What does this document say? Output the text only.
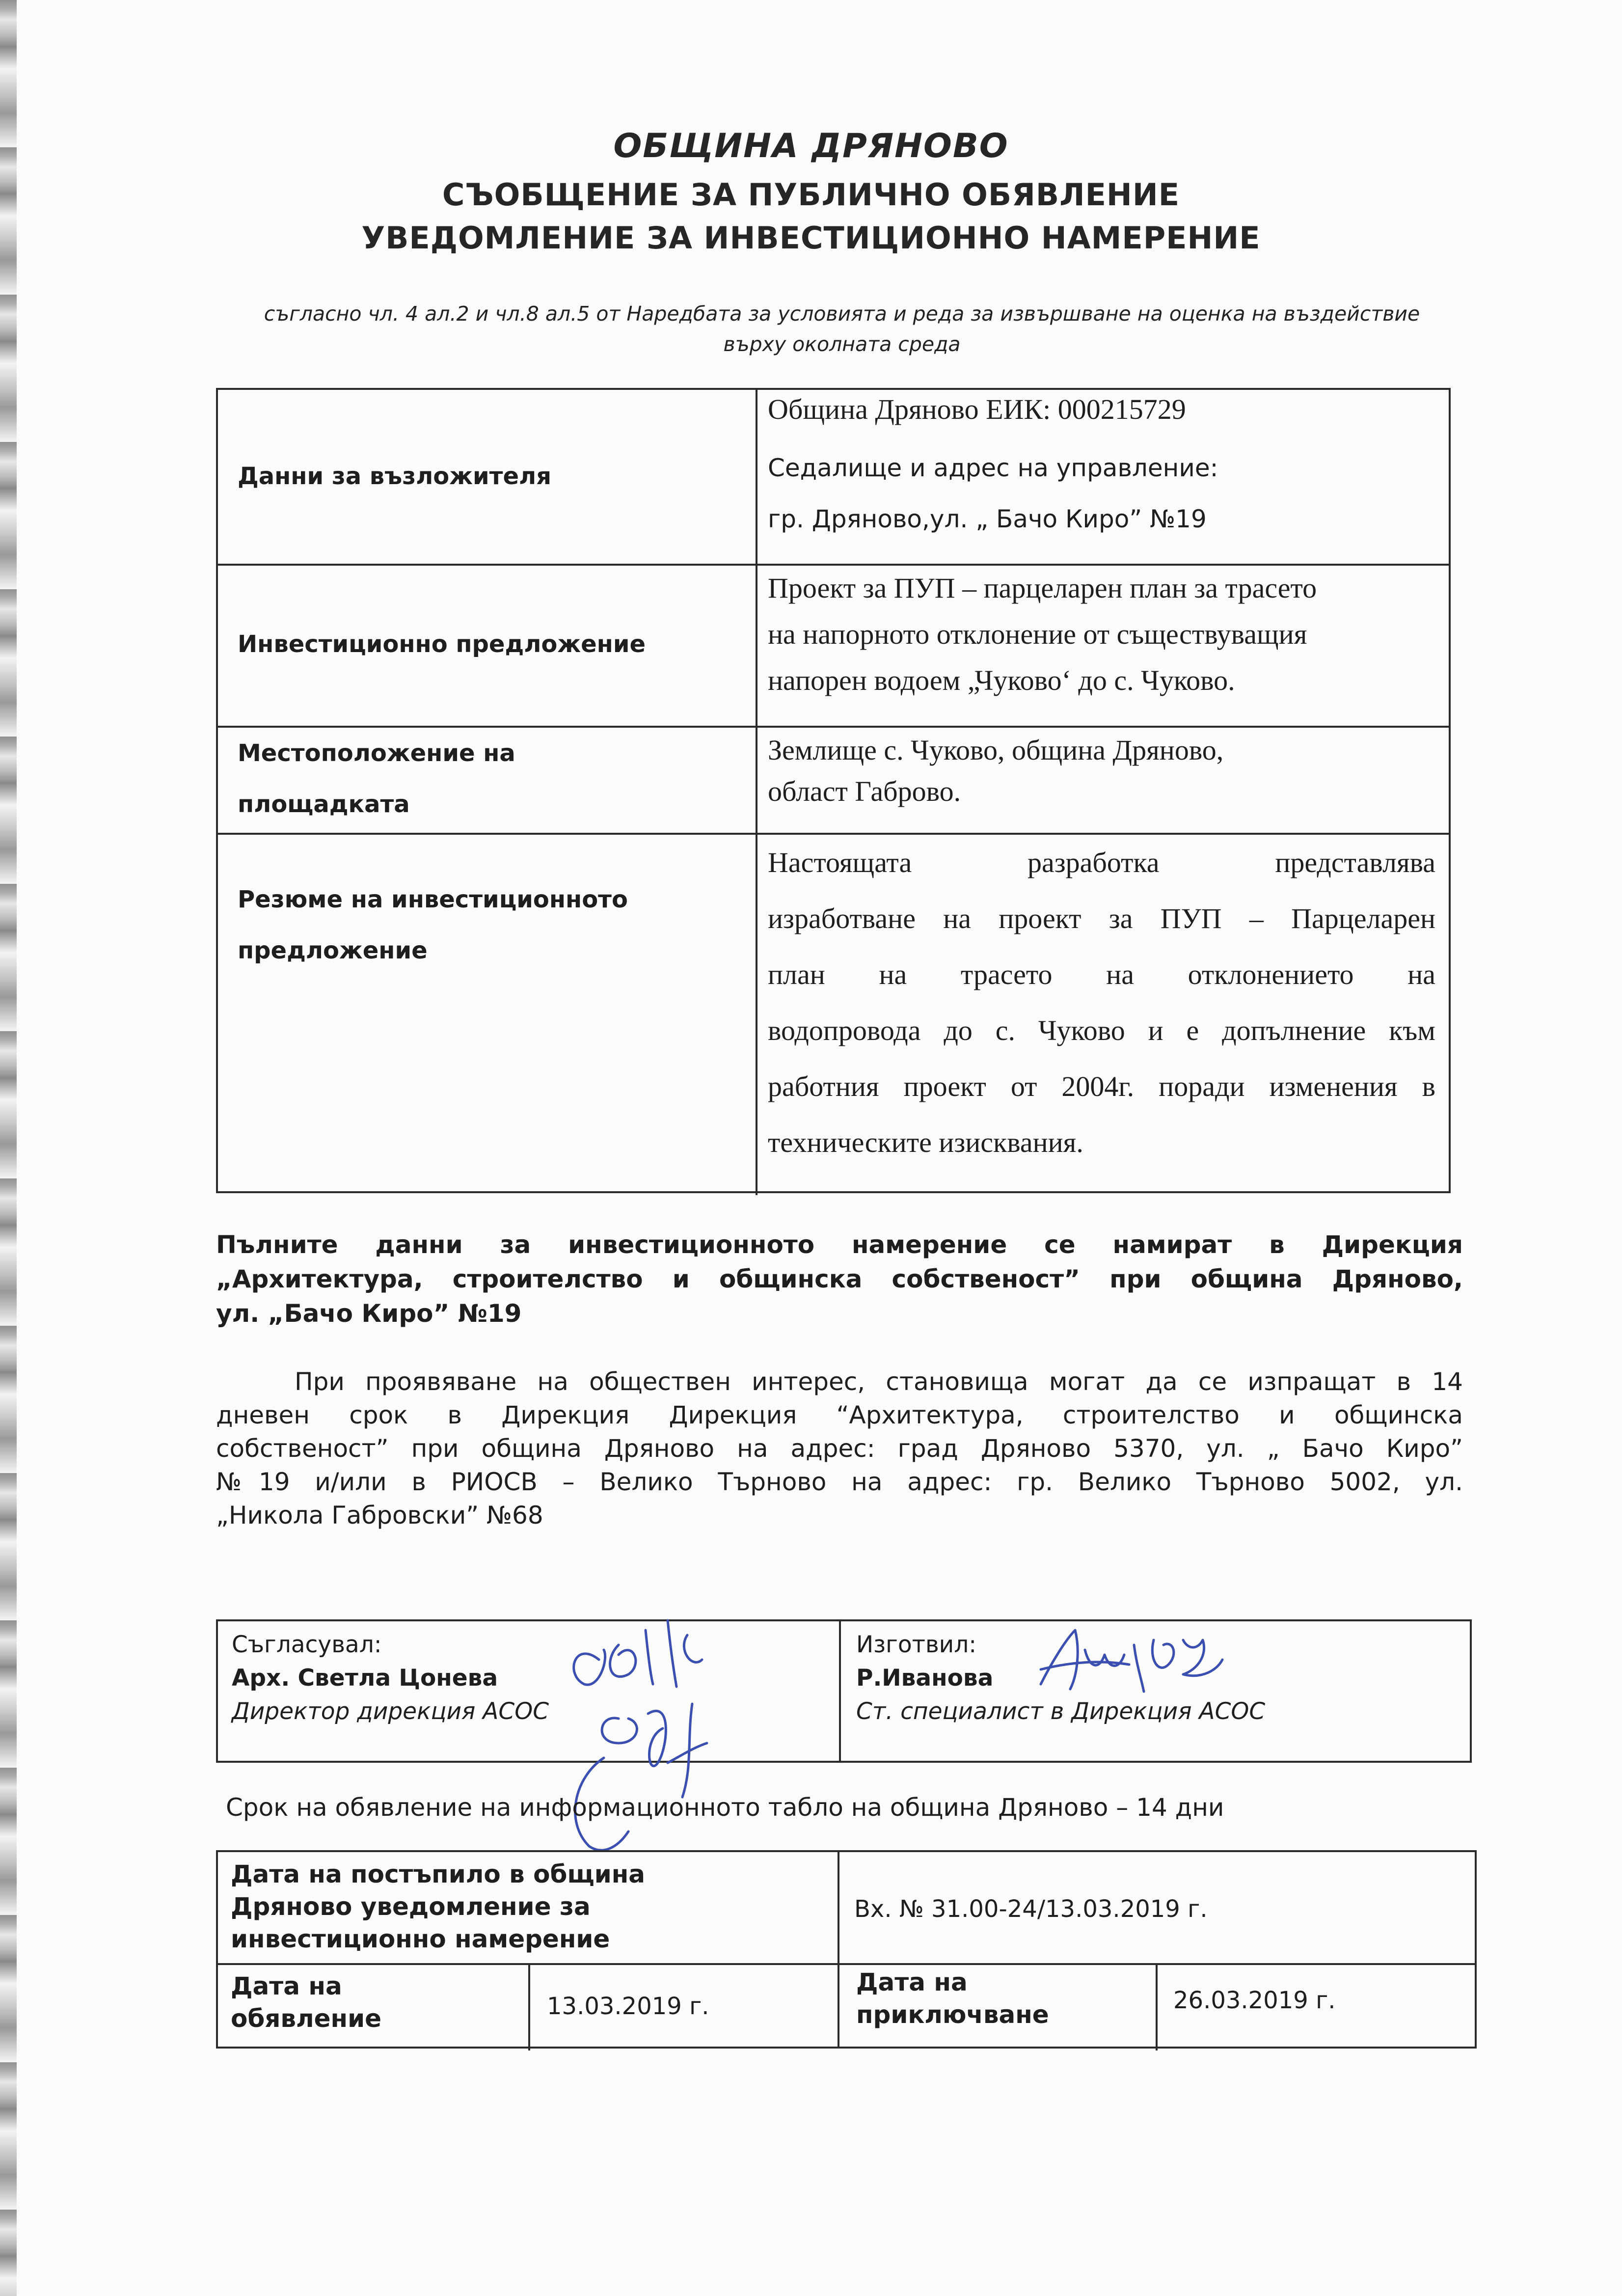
ОБЩИНА ДРЯНОВО
СЪОБЩЕНИЕ ЗА ПУБЛИЧНО ОБЯВЛЕНИЕ
УВЕДОМЛЕНИЕ ЗА ИНВЕСТИЦИОННО НАМЕРЕНИЕ
съгласно чл. 4 ал.2 и чл.8 ал.5 от Наредбата за условията и реда за извършване на оценка на въздействие
върху околната среда
Данни за възложителя
Община Дряново ЕИК: 000215729
Седалище и адрес на управление:
гр. Дряново,ул. „ Бачо Киро” №19
Инвестиционно предложение
Проект за ПУП – парцеларен план за трасето
на напорното отклонение от съществуващия
напорен водоем „Чуково‘ до с. Чуково.
Местоположение на
площадката
Землище с. Чуково, община Дряново,
област Габрово.
Резюме на инвестиционното
предложение
Настоящата разработка представлява
изработване на проект за ПУП – Парцеларен
план на трасето на отклонението на
водопровода до с. Чуково и е допълнение към
работния проект от 2004г. поради изменения в
техническите изисквания.
Пълните данни за инвестиционното намерение се намират в Дирекция
„Архитектура, строителство и общинска собственост” при община Дряново,
ул. „Бачо Киро” №19
При проявяване на обществен интерес, становища могат да се изпращат в 14
дневен срок в Дирекция Дирекция “Архитектура, строителство и общинска
собственост” при община Дряново на адрес: град Дряново 5370, ул. „ Бачо Киро”
№19 и/или в РИОСВ – Велико Търново на адрес: гр. Велико Търново 5002, ул.
„Никола Габровски” №68
Съгласувал:
Арх. Светла Цонева
Директор дирекция АСОС
Изготвил:
Р.Иванова
Ст. специалист в Дирекция АСОС
Срок на обявление на информационното табло на община Дряново – 14 дни
Дата на постъпило в община
Дряново уведомление за
инвестиционно намерение
Вх. № 31.00-24/13.03.2019 г.
Дата на
обявление	13.03.2019 г.
Дата на
приключване	26.03.2019 г.
